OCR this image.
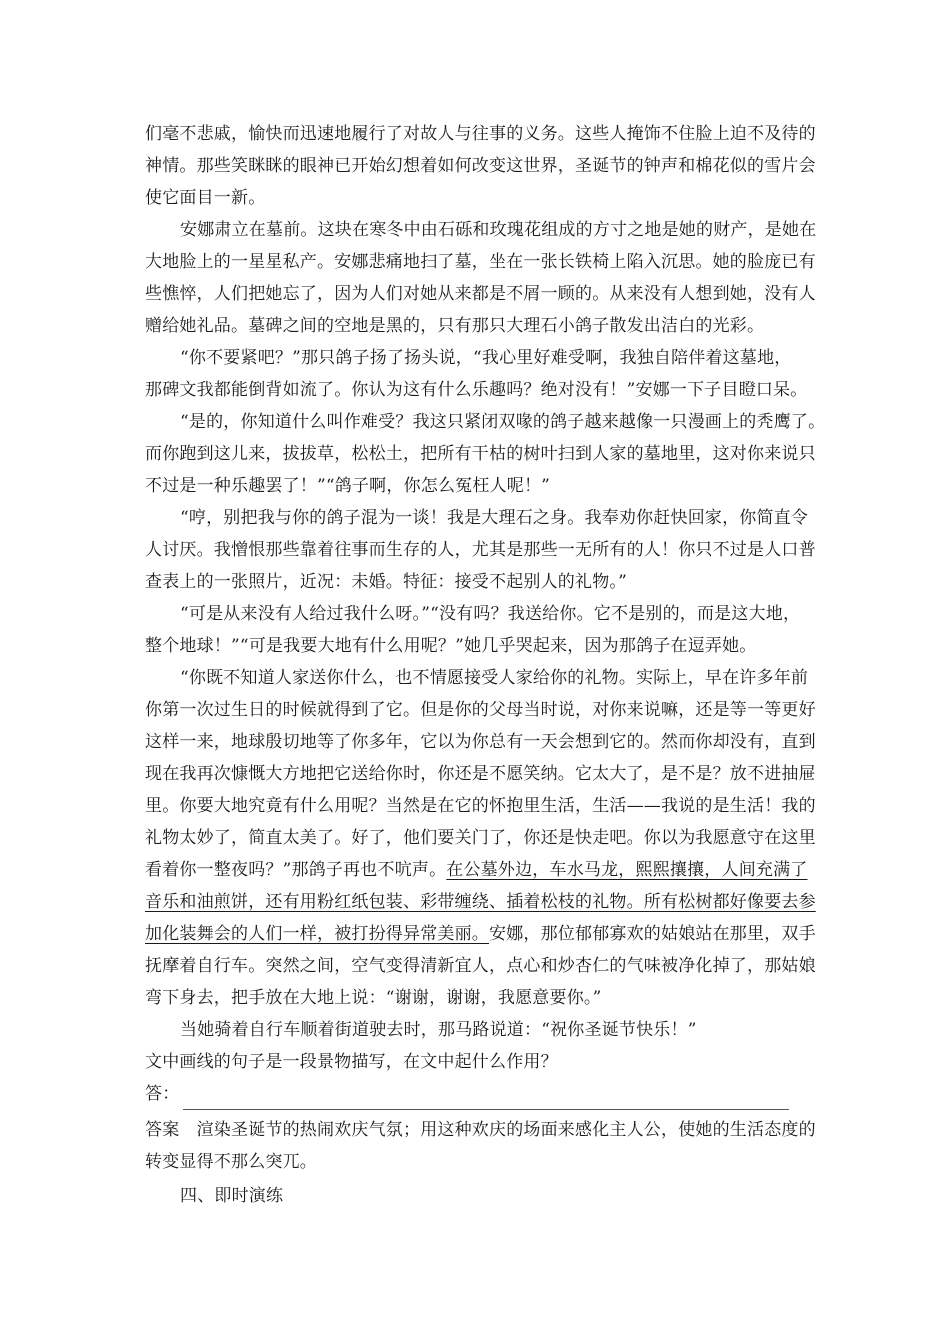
们毫不悲戚，愉快而迅速地履行了对故人与往事的义务。这些人掩饰不住脸上迫不及待的
神情。那些笑眯眯的眼神已开始幻想着如何改变这世界，圣诞节的钟声和棉花似的雪片会
使它面目一新。
安娜肃立在墓前。这块在寒冬中由石砾和玫瑰花组成的方寸之地是她的财产，是她在
大地脸上的一星星私产。安娜悲痛地扫了墓，坐在一张长铁椅上陷入沉思。她的脸庞已有
些憔悴，人们把她忘了，因为人们对她从来都是不屑一顾的。从来没有人想到她，没有人
赠给她礼品。墓碑之间的空地是黑的，只有那只大理石小鸽子散发出洁白的光彩。
“你不要紧吧？”那只鸽子扬了扬头说，“我心里好难受啊，我独自陪伴着这墓地，
那碑文我都能倒背如流了。你认为这有什么乐趣吗？绝对没有！”安娜一下子目瞪口呆。
“是的，你知道什么叫作难受？我这只紧闭双喙的鸽子越来越像一只漫画上的秃鹰了。
而你跑到这儿来，拔拔草，松松土，把所有干枯的树叶扫到人家的墓地里，这对你来说只
不过是一种乐趣罢了！”“鸽子啊，你怎么冤枉人呢！”
“哼，别把我与你的鸽子混为一谈！我是大理石之身。我奉劝你赶快回家，你简直令
人讨厌。我憎恨那些靠着往事而生存的人，尤其是那些一无所有的人！你只不过是人口普
查表上的一张照片，近况：未婚。特征：接受不起别人的礼物。”
“可是从来没有人给过我什么呀。”“没有吗？我送给你。它不是别的，而是这大地，
整个地球！”“可是我要大地有什么用呢？”她几乎哭起来，因为那鸽子在逗弄她。
“你既不知道人家送你什么，也不情愿接受人家给你的礼物。实际上，早在许多年前
你第一次过生日的时候就得到了它。但是你的父母当时说，对你来说嘛，还是等一等更好
这样一来，地球殷切地等了你多年，它以为你总有一天会想到它的。然而你却没有，直到
现在我再次慷慨大方地把它送给你时，你还是不愿笑纳。它太大了，是不是？放不进抽屉
里。你要大地究竟有什么用呢？当然是在它的怀抱里生活，生活——我说的是生活！我的
礼物太妙了，简直太美了。好了，他们要关门了，你还是快走吧。你以为我愿意守在这里
看着你一整夜吗？”那鸽子再也不吭声。在公墓外边，车水马龙，熙熙攘攘，人间充满了
音乐和油煎饼，还有用粉红纸包装、彩带缠绕、插着松枝的礼物。所有松树都好像要去参
加化装舞会的人们一样，被打扮得异常美丽。安娜，那位郁郁寡欢的姑娘站在那里，双手
抚摩着自行车。突然之间，空气变得清新宜人，点心和炒杏仁的气味被净化掉了，那姑娘
弯下身去，把手放在大地上说：“谢谢，谢谢，我愿意要你。”
当她骑着自行车顺着街道驶去时，那马路说道：“祝你圣诞节快乐！”
文中画线的句子是一段景物描写，在文中起什么作用？
答：
答案　渲染圣诞节的热闹欢庆气氛；用这种欢庆的场面来感化主人公，使她的生活态度的
转变显得不那么突兀。
四、即时演练
